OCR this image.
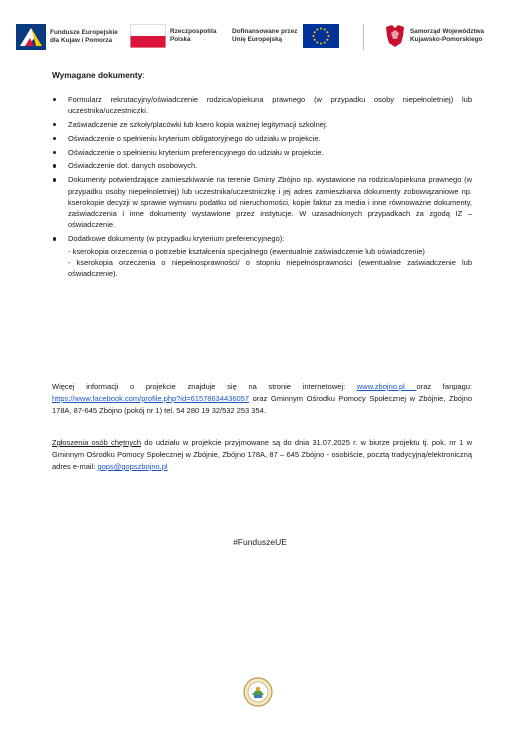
Fundusze Europejskie
dla Kujaw i Pomorza
Rzeczpospolita
Polska
Dofinansowane przez
Unię Europejską
Samorząd Województwa
Kujawsko-Pomorskiego
Wymagane dokumenty:
Formularz rekrutacyjny/oświadczenie rodzica/opiekuna prawnego (w przypadku osoby niepełnoletniej) lub uczestnika/uczestniczki.
Zaświadczenie ze szkoły/placówki lub ksero kopia ważnej legitymacji szkolnej.
Oświadczenie o spełnieniu kryterium obligatoryjnego do udziału w projekcie.
Oświadczenie o spełnieniu kryterium preferencyjnego do udziału w projekcie.
Oświadczenie dot. danych osobowych.
Dokumenty potwierdzające zamieszkiwanie na terenie Gminy Zbójno np. wystawione na rodzica/opiekuna prawnego (w przypadku osoby niepełnoletniej) lub uczestnika/uczestniczkę i jej adres zamieszkania dokumenty zobowiązaniowe np. kserokopie decyzji w sprawie wymiaru podatku od nieruchomości, kopie faktur za media i inne równoważne dokumenty, zaświadczenia i inne dokumenty wystawione przez instytucje. W uzasadnionych przypadkach za zgodą IZ – oświadczenie.
Dodatkowe dokumenty (w przypadku kryterium preferencyjnego):
- kserokopia orzeczenia o potrzebie kształcenia specjalnego (ewentualnie zaświadczenie lub oświadczenie)
- kserokopia orzeczenia o niepełnosprawności/ o stopniu niepełnosprawności (ewentualnie zaświadczenie lub oświadczenie).
Więcej informacji o projekcie znajduje się na stronie internetowej: www.zbojno.pl oraz fanpagu: https://www.facebook.com/profile.php?id=61578634436057 oraz Gminnym Ośrodku Pomocy Społecznej w Zbójnie, Zbójno 178A, 87-645 Zbójno (pokój nr 1) tel. 54 280 19 32/532 253 354.
Zgłoszenia osób chętnych do udziału w projekcie przyjmowane są do dnia 31.07.2025 r. w biurze projektu tj. pok. nr 1 w Gminnym Ośrodku Pomocy Społecznej w Zbójnie, Zbójno 178A, 87 – 645 Zbójno - osobiście, pocztą tradycyjną/elektroniczną adres e-mail: gops@gopszbojno.pl
#FunduszeUE
